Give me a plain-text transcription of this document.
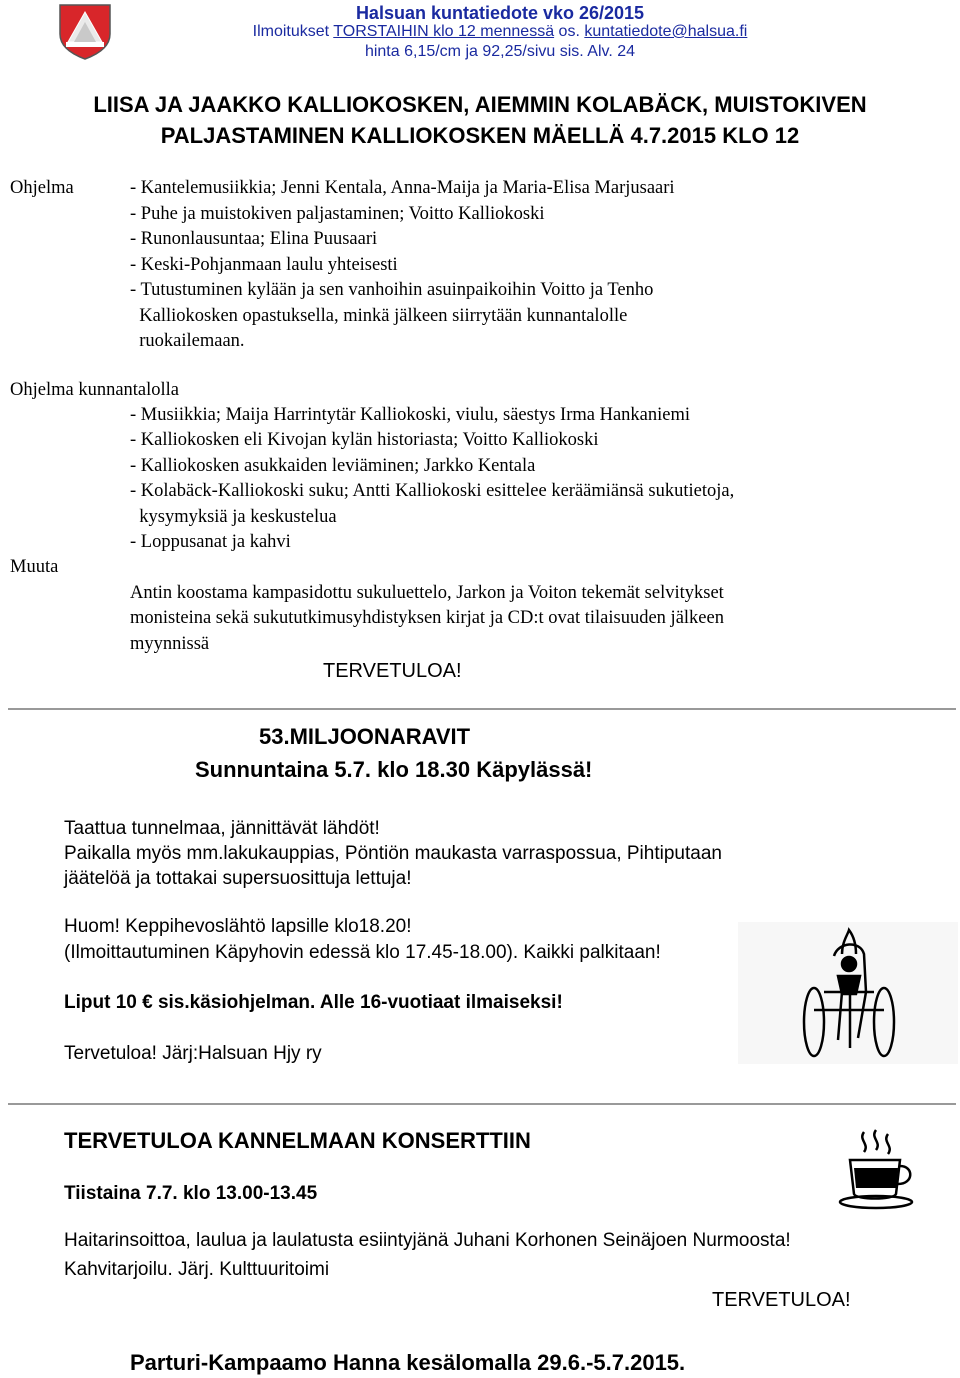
Halsuan kuntatiedote vko 26/2015
Ilmoitukset TORSTAIHIN klo 12 mennessä os. kuntatiedote@halsua.fi
hinta 6,15/cm ja 92,25/sivu sis. Alv. 24
LIISA JA JAAKKO KALLIOKOSKEN, AIEMMIN KOLABÄCK, MUISTOKIVEN
PALJASTAMINEN KALLIOKOSKEN MÄELLÄ 4.7.2015 KLO 12
Ohjelma	- Kantelemusiikkia; Jenni Kentala, Anna-Maija ja Maria-Elisa Marjusaari
- Puhe ja muistokiven paljastaminen; Voitto Kalliokoski
- Runonlausuntaa; Elina Puusaari
- Keski-Pohjanmaan laulu yhteisesti
- Tutustuminen kylään ja sen vanhoihin asuinpaikoihin Voitto ja Tenho
Kalliokosken opastuksella, minkä jälkeen siirrytään kunnantalolle
ruokailemaan.
Ohjelma kunnantalolla
- Musiikkia; Maija Harrintytär Kalliokoski, viulu, säestys Irma Hankaniemi
- Kalliokosken eli Kivojan kylän historiasta; Voitto Kalliokoski
- Kalliokosken asukkaiden leviäminen; Jarkko Kentala
- Kolabäck-Kalliokoski suku; Antti Kalliokoski esittelee keräämiänsä sukutietoja,
kysymyksiä ja keskustelua
- Loppusanat ja kahvi
Muuta
Antin koostama kampasidottu sukuluettelo, Jarkon ja Voiton tekemät selvitykset
monisteina sekä sukututkimusyhdistyksen kirjat ja CD:t ovat tilaisuuden jälkeen
myynnissä
TERVETULOA!
53.MILJOONARAVIT
Sunnuntaina 5.7. klo 18.30 Käpylässä!
Taattua tunnelmaa, jännittävät lähdöt!
Paikalla myös mm.lakukauppias, Pöntiön maukasta varraspossua, Pihtiputaan
jäätelöä ja tottakai supersuosittuja lettuja!
Huom! Keppihevoslähtö lapsille klo18.20!
(Ilmoittautuminen Käpyhovin edessä klo 17.45-18.00). Kaikki palkitaan!
Liput 10 € sis.käsiohjelman. Alle 16-vuotiaat ilmaiseksi!
Tervetuloa! Järj:Halsuan Hjy ry
TERVETULOA KANNELMAAN KONSERTTIIN
Tiistaina 7.7. klo 13.00-13.45
Haitarinsoittoa, laulua ja laulatusta esiintyjänä Juhani Korhonen Seinäjoen Nurmoosta!
Kahvitarjoilu. Järj. Kulttuuritoimi
TERVETULOA!
Parturi-Kampaamo Hanna kesälomalla 29.6.-5.7.2015.
